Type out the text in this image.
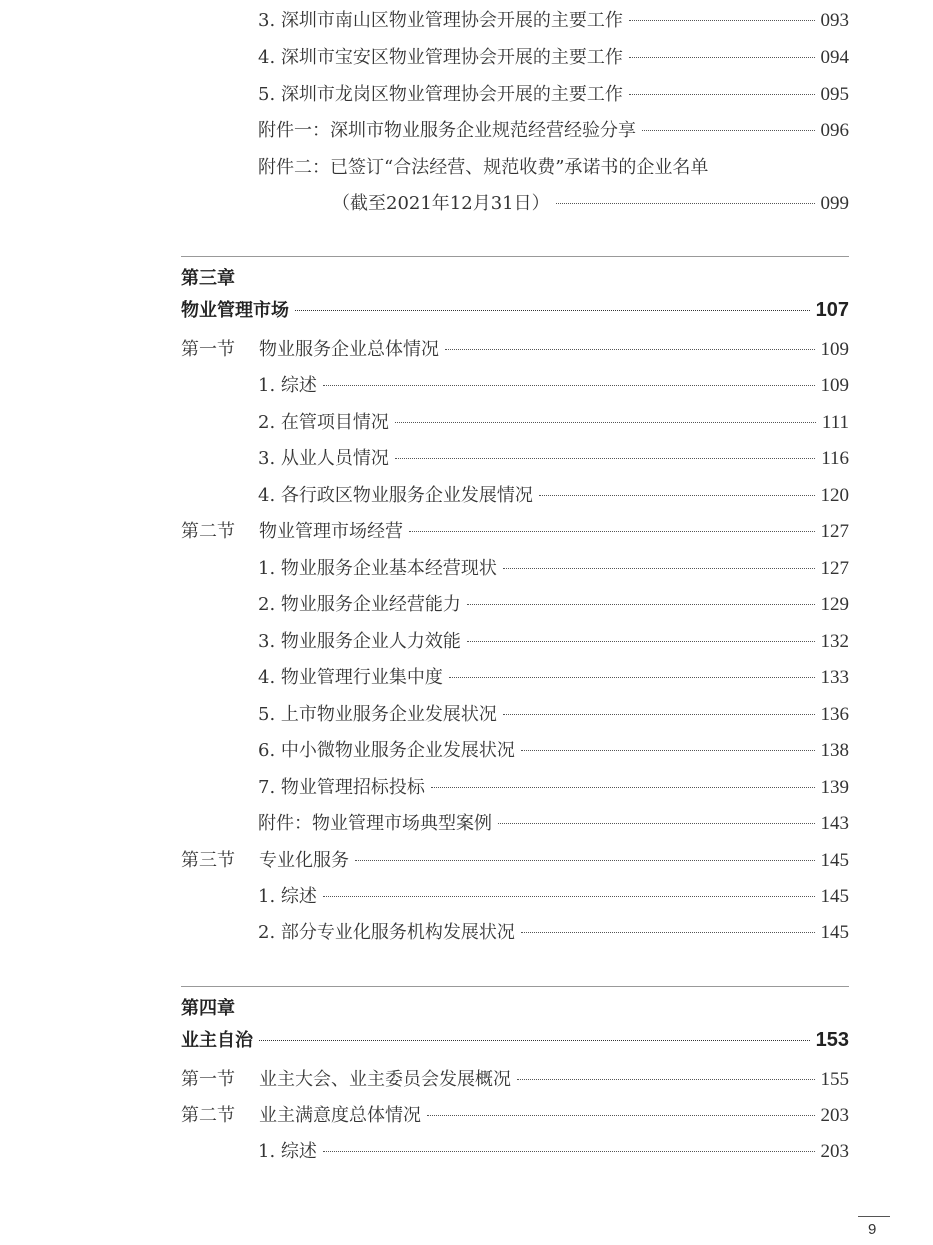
3. 深圳市南山区物业管理协会开展的主要工作	093
4. 深圳市宝安区物业管理协会开展的主要工作	094
5. 深圳市龙岗区物业管理协会开展的主要工作	095
附件一：深圳市物业服务企业规范经营经验分享	096
附件二：已签订“合法经营、规范收费”承诺书的企业名单
（截至2021年12月31日）	099
第三章
物业管理市场	107
第一节 物业服务企业总体情况	109
1. 综述	109
2. 在管项目情况	111
3. 从业人员情况	116
4. 各行政区物业服务企业发展情况	120
第二节 物业管理市场经营	127
1. 物业服务企业基本经营现状	127
2. 物业服务企业经营能力	129
3. 物业服务企业人力效能	132
4. 物业管理行业集中度	133
5. 上市物业服务企业发展状况	136
6. 中小微物业服务企业发展状况	138
7. 物业管理招标投标	139
附件：物业管理市场典型案例	143
第三节 专业化服务	145
1. 综述	145
2. 部分专业化服务机构发展状况	145
第四章
业主自治	153
第一节 业主大会、业主委员会发展概况	155
第二节 业主满意度总体情况	203
1. 综述	203
9
